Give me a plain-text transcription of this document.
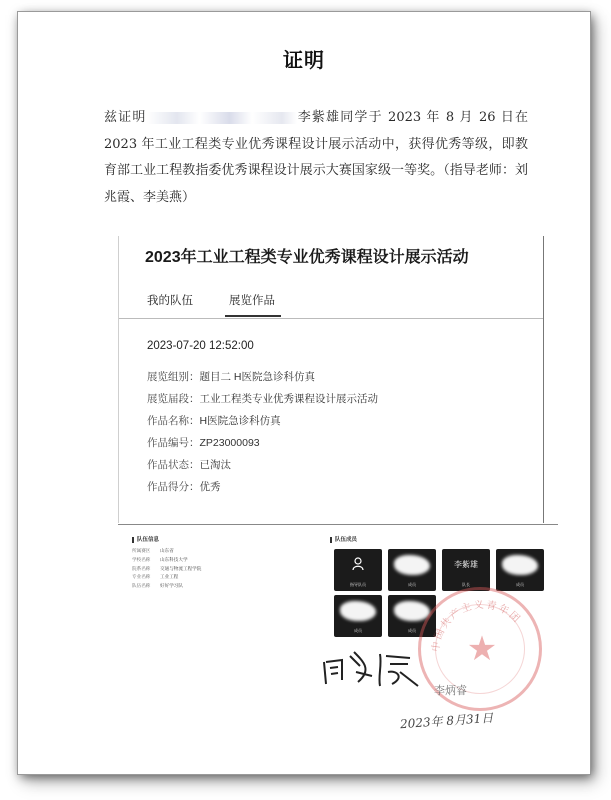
证明
兹证明	李紫雄同学于 2023 年 8 月 26 日在 2023 年工业工程类专业优秀课程设计展示活动中，获得优秀等级，即教育部工业工程教指委优秀课程设计展示大赛国家级一等奖。（指导老师：刘兆霞、李美燕）
2023年工业工程类专业优秀课程设计展示活动
我的队伍	展览作品
2023-07-20 12:52:00
展览组别：题目二 H医院急诊科仿真
展览届段：工业工程类专业优秀课程设计展示活动
作品名称：H医院急诊科仿真
作品编号：ZP23000093
作品状态：已淘汰
作品得分：优秀
队伍信息
所属赛区 山东省
学校名称 山东科技大学
院系名称 交通与物流工程学院
专业名称 工业工程
队伍名称 好好学习队
队伍成员
指导队员	成员
李紫雄
队长	成员
成员	成员
中国共产主义青年团
★
李炳睿
2023年 8月31日
